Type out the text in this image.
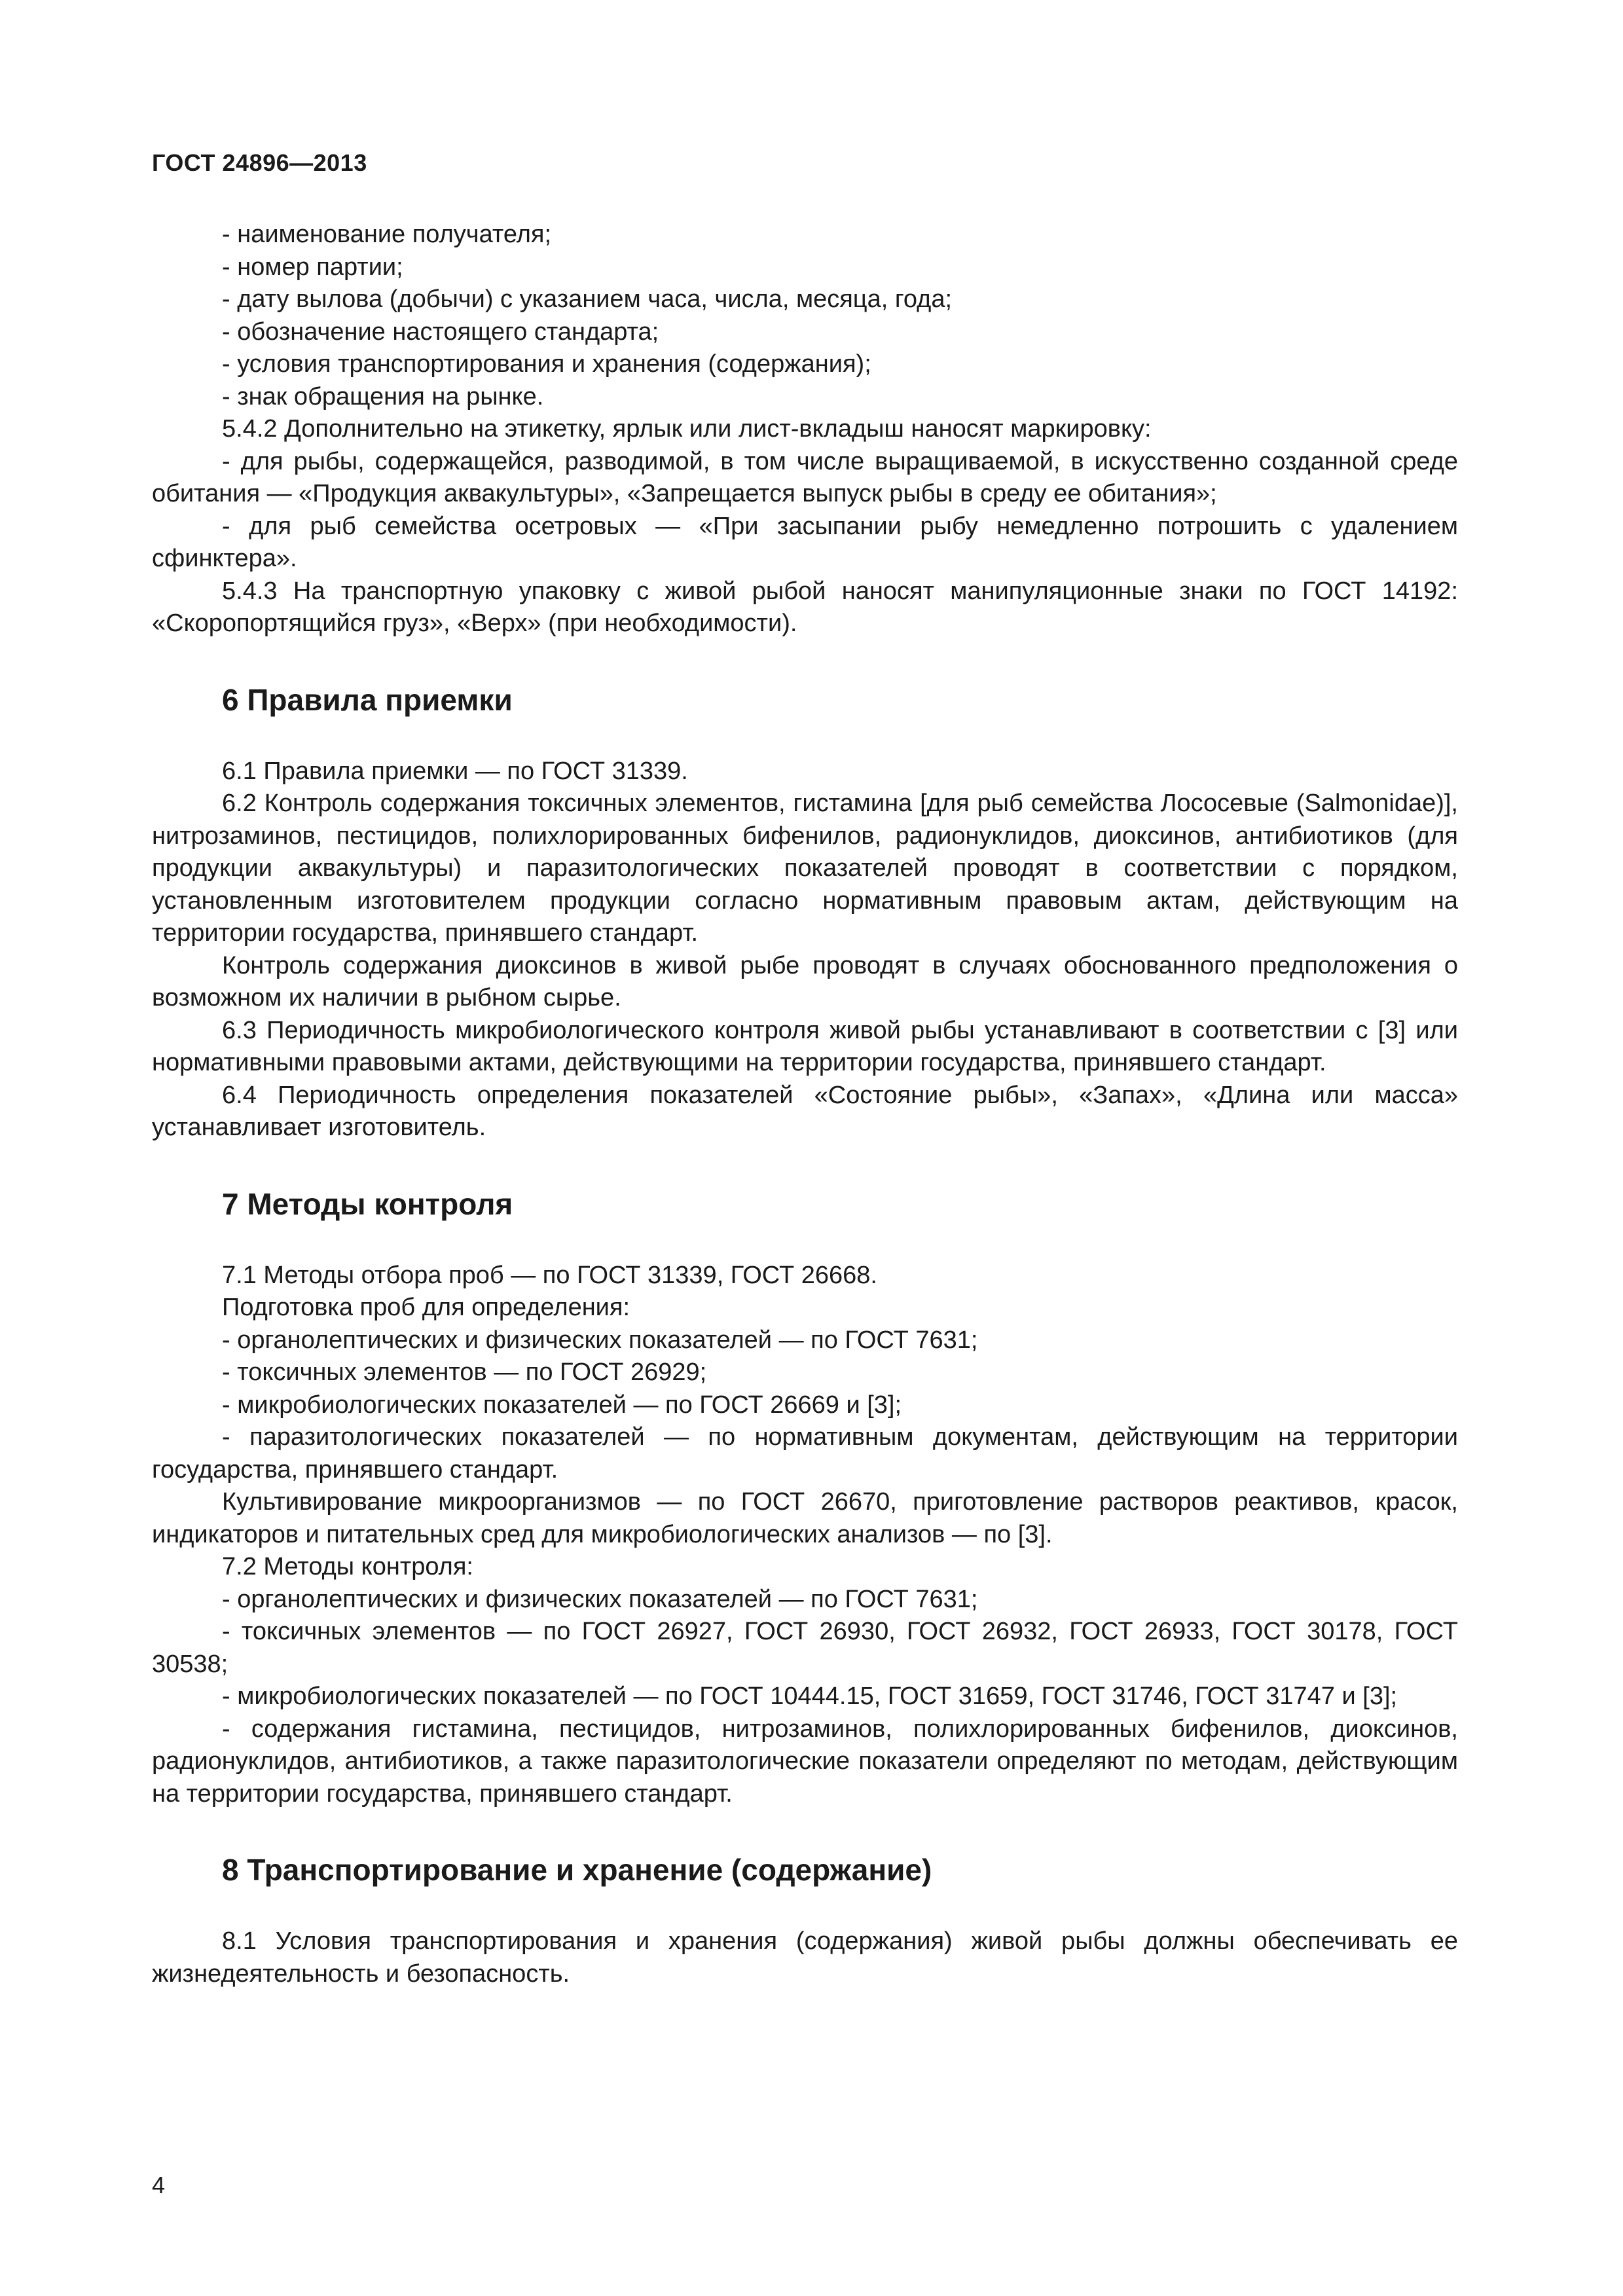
ГОСТ 24896—2013

- наименование получателя;

- номер партии;

- дату вылова (добычи) с указанием часа, числа, месяца, года;

- обозначение настоящего стандарта;

- условия транспортирования и хранения (содержания);

- знак обращения на рынке.

5.4.2 Дополнительно на этикетку, ярлык или лист-вкладыш наносят маркировку:

- для рыбы, содержащейся, разводимой, в том числе выращиваемой, в искусственно созданной среде обитания — «Продукция аквакультуры», «Запрещается выпуск рыбы в среду ее обитания»;

- для рыб семейства осетровых — «При засыпании рыбу немедленно потрошить с удалением сфинктера».

5.4.3 На транспортную упаковку с живой рыбой наносят манипуляционные знаки по ГОСТ 14192: «Скоропортящийся груз», «Верх» (при необходимости).

6 Правила приемки

6.1 Правила приемки — по ГОСТ 31339.

6.2 Контроль содержания токсичных элементов, гистамина [для рыб семейства Лососевые (Salmonidae)], нитрозаминов, пестицидов, полихлорированных бифенилов, радионуклидов, диоксинов, антибиотиков (для продукции аквакультуры) и паразитологических показателей проводят в соответствии с порядком, установленным изготовителем продукции согласно нормативным правовым актам, действующим на территории государства, принявшего стандарт.

Контроль содержания диоксинов в живой рыбе проводят в случаях обоснованного предположения о возможном их наличии в рыбном сырье.

6.3 Периодичность микробиологического контроля живой рыбы устанавливают в соответствии с [3] или нормативными правовыми актами, действующими на территории государства, принявшего стандарт.

6.4 Периодичность определения показателей «Состояние рыбы», «Запах», «Длина или масса» устанавливает изготовитель.

7 Методы контроля

7.1 Методы отбора проб — по ГОСТ 31339, ГОСТ 26668.

Подготовка проб для определения:

- органолептических и физических показателей — по ГОСТ 7631;

- токсичных элементов — по ГОСТ 26929;

- микробиологических показателей — по ГОСТ 26669 и [3];

- паразитологических показателей — по нормативным документам, действующим на территории государства, принявшего стандарт.

Культивирование микроорганизмов — по ГОСТ 26670, приготовление растворов реактивов, красок, индикаторов и питательных сред для микробиологических анализов — по [3].

7.2 Методы контроля:

- органолептических и физических показателей — по ГОСТ 7631;

- токсичных элементов — по ГОСТ 26927, ГОСТ 26930, ГОСТ 26932, ГОСТ 26933, ГОСТ 30178, ГОСТ 30538;

- микробиологических показателей — по ГОСТ 10444.15, ГОСТ 31659, ГОСТ 31746, ГОСТ 31747 и [3];

- содержания гистамина, пестицидов, нитрозаминов, полихлорированных бифенилов, диоксинов, радионуклидов, антибиотиков, а также паразитологические показатели определяют по методам, действующим на территории государства, принявшего стандарт.

8 Транспортирование и хранение (содержание)

8.1 Условия транспортирования и хранения (содержания) живой рыбы должны обеспечивать ее жизнедеятельность и безопасность.

4
